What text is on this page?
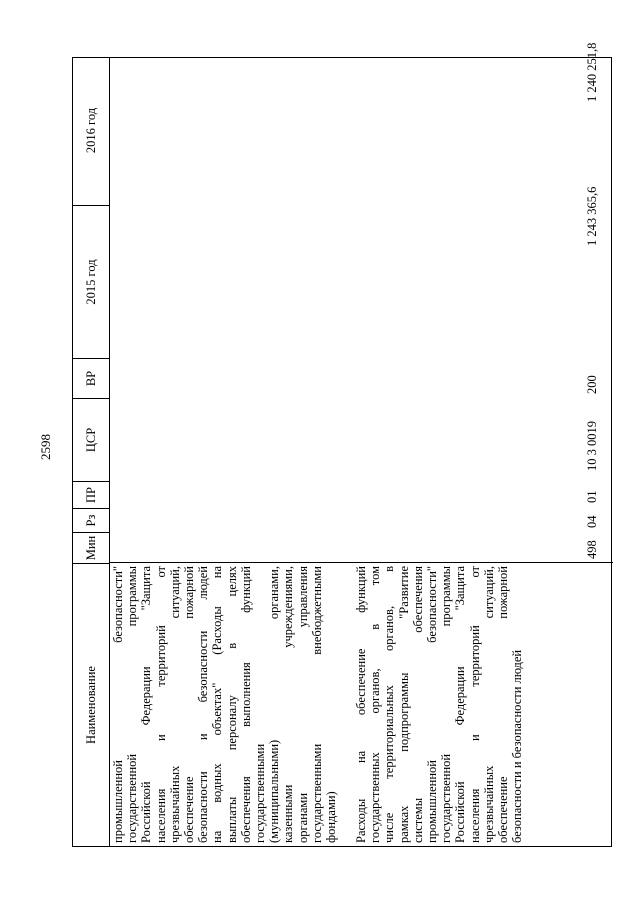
2598
Наименование
Мин
Рз
ПР
ЦСР
ВР
2015 год
2016 год
промышленной безопасности" государственной программы Российской Федерации "Защита населения и территорий от чрезвычайных ситуаций, обеспечение пожарной безопасности и безопасности людей на водных объектах" (Расходы на выплаты персоналу в целях обеспечения выполнения функций государственными (муниципальными) органами, казенными учреждениями, органами управления государственными внебюджетными фондами) Расходы на обеспечение функций государственных органов, в том числе территориальных органов, в рамках подпрограммы "Развитие системы обеспечения промышленной безопасности" государственной программы Российской Федерации "Защита населения и территорий от чрезвычайных ситуаций, обеспечение пожарной безопасности и безопасности людей
498
04
01
10 3 0019
200
1 243 365,6
1 240 251,8
